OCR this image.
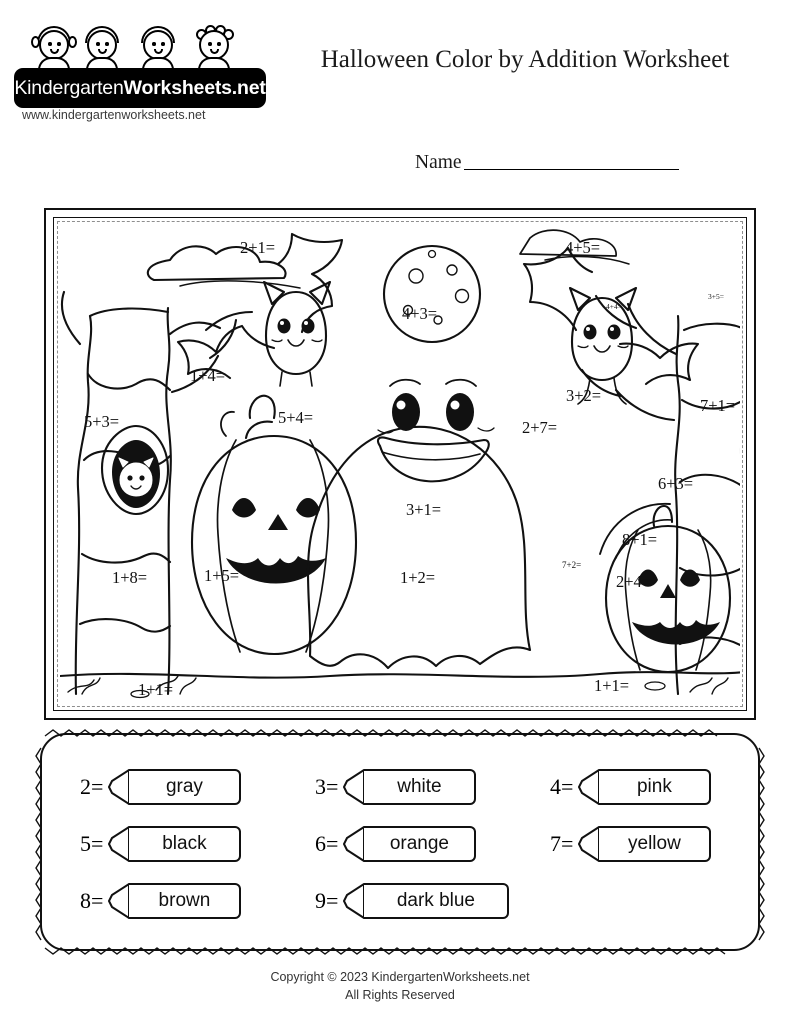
KindergartenWorksheets.net
Halloween Color by Addition Worksheet
www.kindergartenworksheets.net
Name
2+1=	4+5=
4+3=	4+4=
3+5=
1+4=
3+2=
7+1=
5+4=
5+3=	2+7=
6+3=
3+1=
8+1=
7+2=
1+8=	1+5=	1+2=	2+4=
1+1=	1+1=
2=	gray	3=	white	4=	pink
5=	black	6=	orange	7=	yellow
8=	brown	9=	dark blue
Copyright © 2023 KindergartenWorksheets.net
All Rights Reserved
